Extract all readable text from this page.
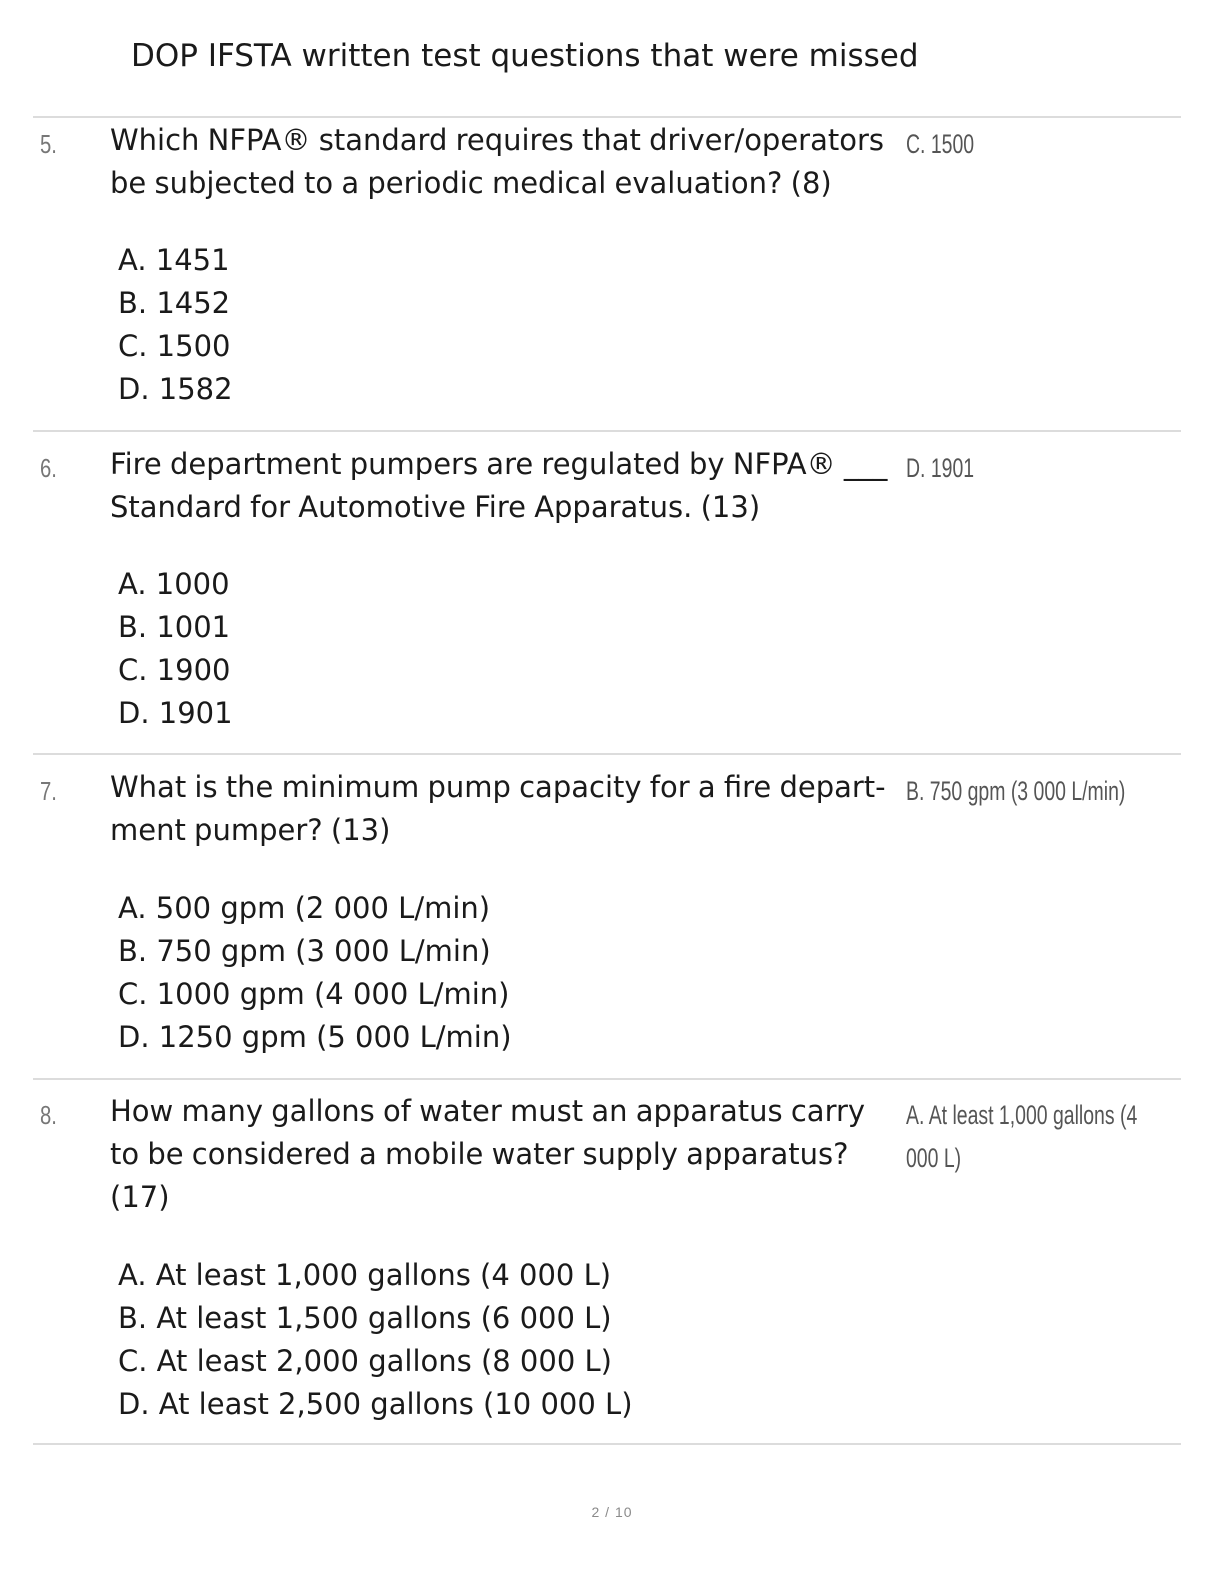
DOP IFSTA written test questions that were missed
5. Which NFPA® standard requires that driver/operators be subjected to a periodic medical evaluation? (8)
C. 1500
A. 1451
B. 1452
C. 1500
D. 1582
6. Fire department pumpers are regulated by NFPA® ___ Standard for Automotive Fire Apparatus. (13)
D. 1901
A. 1000
B. 1001
C. 1900
D. 1901
7. What is the minimum pump capacity for a fire depart- ment pumper? (13)
B. 750 gpm (3 000 L/min)
A. 500 gpm (2 000 L/min)
B. 750 gpm (3 000 L/min)
C. 1000 gpm (4 000 L/min)
D. 1250 gpm (5 000 L/min)
8. How many gallons of water must an apparatus carry to be considered a mobile water supply apparatus? (17)
A. At least 1,000 gallons (4 000 L)
A. At least 1,000 gallons (4 000 L)
B. At least 1,500 gallons (6 000 L)
C. At least 2,000 gallons (8 000 L)
D. At least 2,500 gallons (10 000 L)
2 / 10
